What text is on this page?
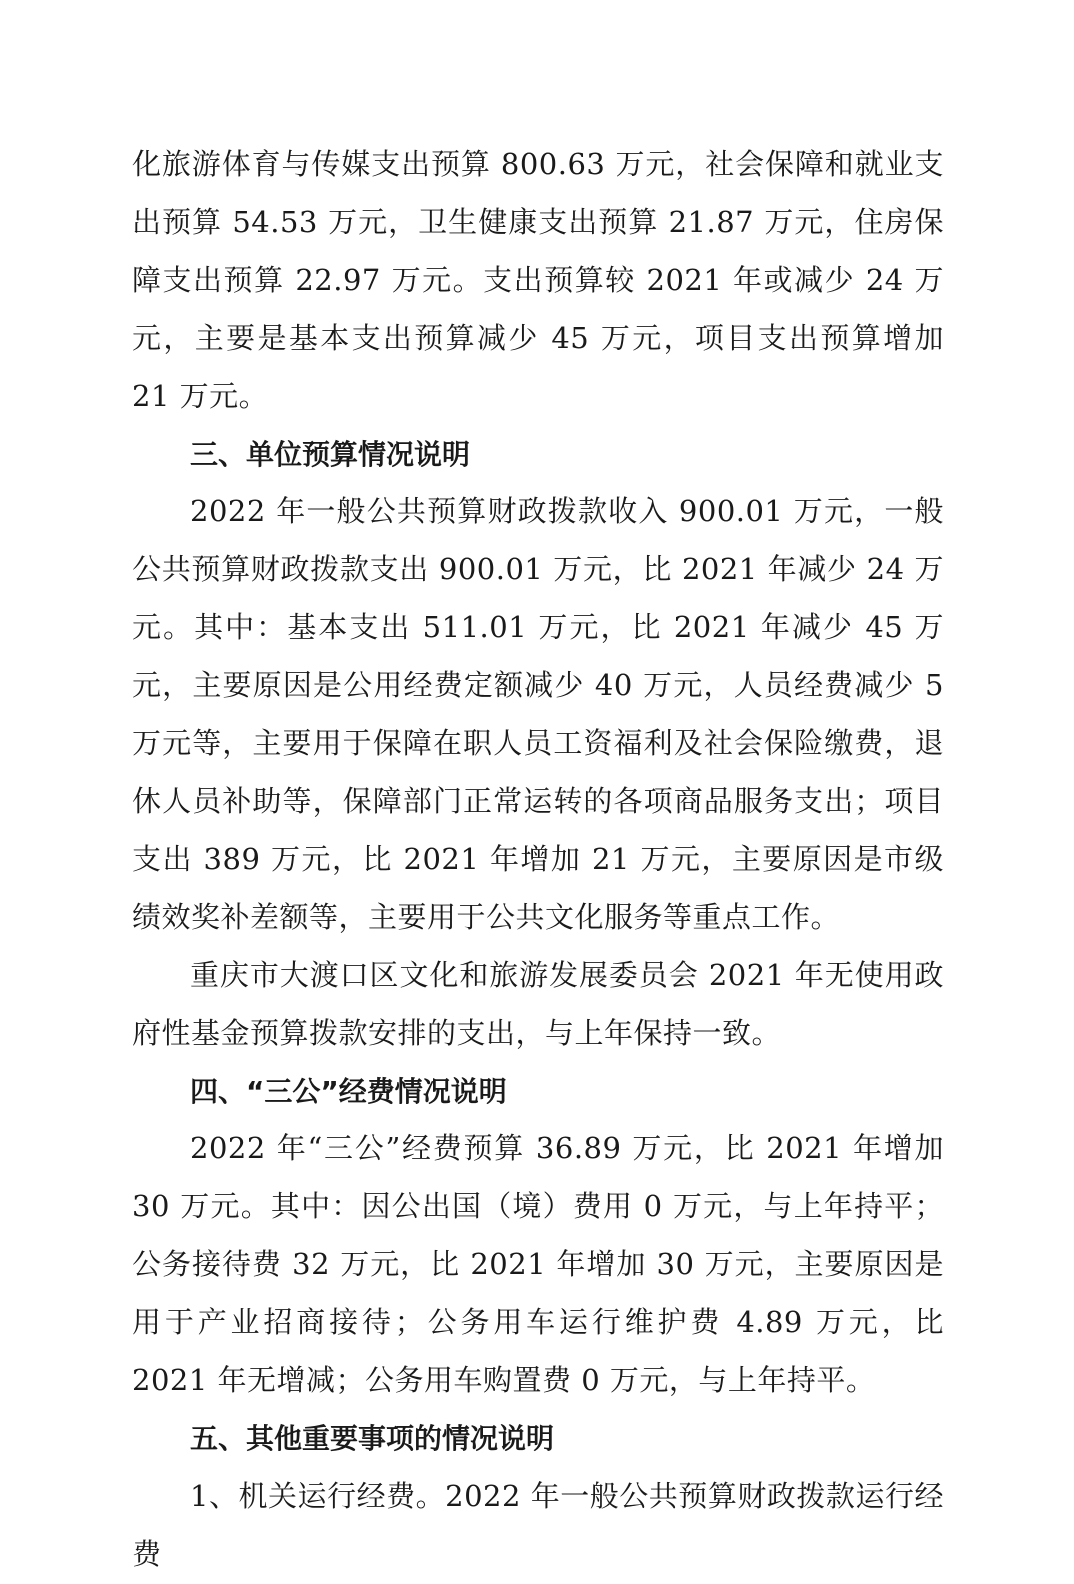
化旅游体育与传媒支出预算 800.63 万元，社会保障和就业支出预算 54.53 万元，卫生健康支出预算 21.87 万元，住房保障支出预算 22.97 万元。支出预算较 2021 年或减少 24 万元，主要是基本支出预算减少 45 万元，项目支出预算增加 21 万元。

三、单位预算情况说明

2022 年一般公共预算财政拨款收入 900.01 万元，一般公共预算财政拨款支出 900.01 万元，比 2021 年减少 24 万元。其中：基本支出 511.01 万元，比 2021 年减少 45 万元，主要原因是公用经费定额减少 40 万元，人员经费减少 5 万元等，主要用于保障在职人员工资福利及社会保险缴费，退休人员补助等，保障部门正常运转的各项商品服务支出；项目支出 389 万元，比 2021 年增加 21 万元，主要原因是市级绩效奖补差额等，主要用于公共文化服务等重点工作。

重庆市大渡口区文化和旅游发展委员会 2021 年无使用政府性基金预算拨款安排的支出，与上年保持一致。

四、“三公”经费情况说明

2022 年“三公”经费预算 36.89 万元，比 2021 年增加 30 万元。其中：因公出国（境）费用 0 万元，与上年持平；公务接待费 32 万元，比 2021 年增加 30 万元，主要原因是用于产业招商接待；公务用车运行维护费 4.89 万元，比 2021 年无增减；公务用车购置费 0 万元，与上年持平。

五、其他重要事项的情况说明

1、机关运行经费。2022 年一般公共预算财政拨款运行经费
